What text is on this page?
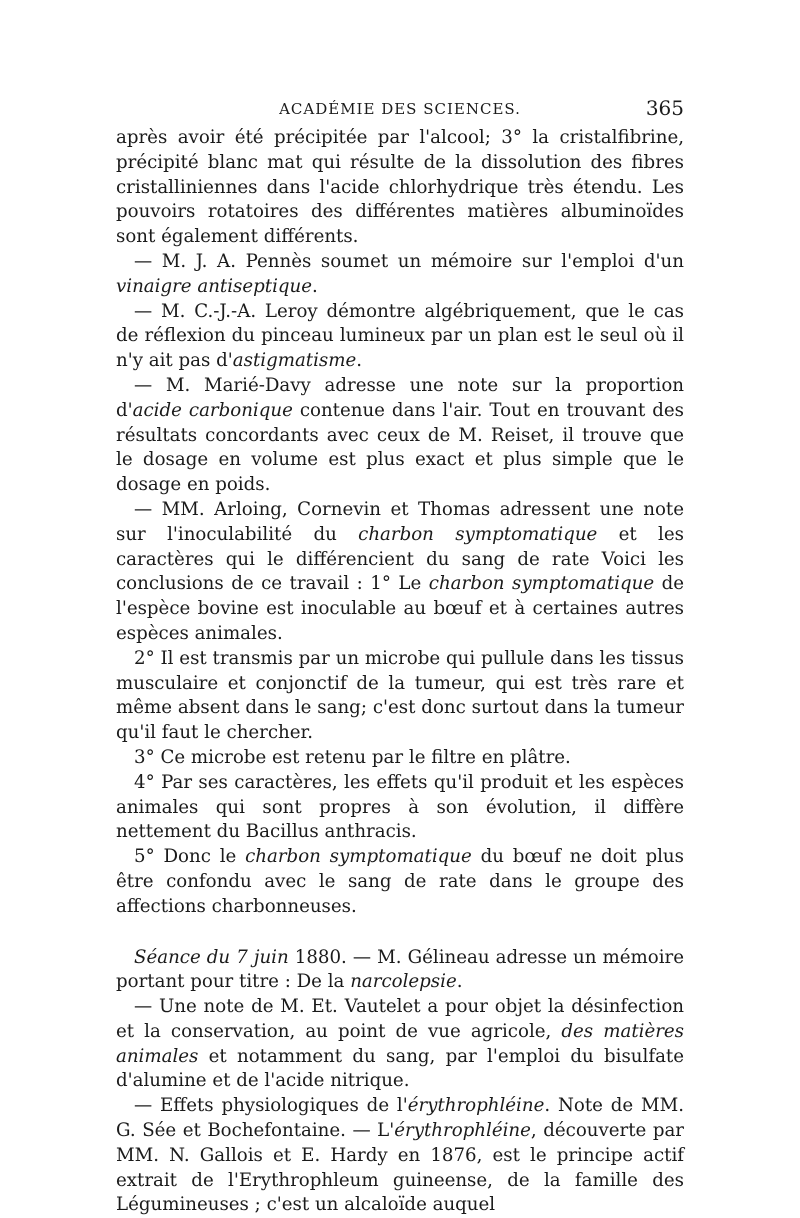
ACADÉMIE DES SCIENCES.	365

après avoir été précipitée par l'alcool; 3° la cristalfibrine, précipité blanc mat qui résulte de la dissolution des fibres cristalliniennes dans l'acide chlorhydrique très étendu. Les pouvoirs rotatoires des différentes matières albuminoïdes sont également différents.

— M. J. A. Pennès soumet un mémoire sur l'emploi d'un vinaigre antiseptique.

— M. C.-J.-A. Leroy démontre algébriquement, que le cas de réflexion du pinceau lumineux par un plan est le seul où il n'y ait pas d'astigmatisme.

— M. Marié-Davy adresse une note sur la proportion d'acide carbonique contenue dans l'air. Tout en trouvant des résultats concordants avec ceux de M. Reiset, il trouve que le dosage en volume est plus exact et plus simple que le dosage en poids.

— MM. Arloing, Cornevin et Thomas adressent une note sur l'inoculabilité du charbon symptomatique et les caractères qui le différencient du sang de rate Voici les conclusions de ce travail : 1° Le charbon symptomatique de l'espèce bovine est inoculable au bœuf et à certaines autres espèces animales.

2° Il est transmis par un microbe qui pullule dans les tissus musculaire et conjonctif de la tumeur, qui est très rare et même absent dans le sang; c'est donc surtout dans la tumeur qu'il faut le chercher.

3° Ce microbe est retenu par le filtre en plâtre.

4° Par ses caractères, les effets qu'il produit et les espèces animales qui sont propres à son évolution, il diffère nettement du Bacillus anthracis.

5° Donc le charbon symptomatique du bœuf ne doit plus être confondu avec le sang de rate dans le groupe des affections charbonneuses.

Séance du 7 juin 1880. — M. Gélineau adresse un mémoire portant pour titre : De la narcolepsie.

— Une note de M. Et. Vautelet a pour objet la désinfection et la conservation, au point de vue agricole, des matières animales et notamment du sang, par l'emploi du bisulfate d'alumine et de l'acide nitrique.

— Effets physiologiques de l'érythrophléine. Note de MM. G. Sée et Bochefontaine. — L'érythrophléine, découverte par MM. N. Gallois et E. Hardy en 1876, est le principe actif extrait de l'Erythrophleum guineense, de la famille des Légumineuses ; c'est un alcaloïde auquel
